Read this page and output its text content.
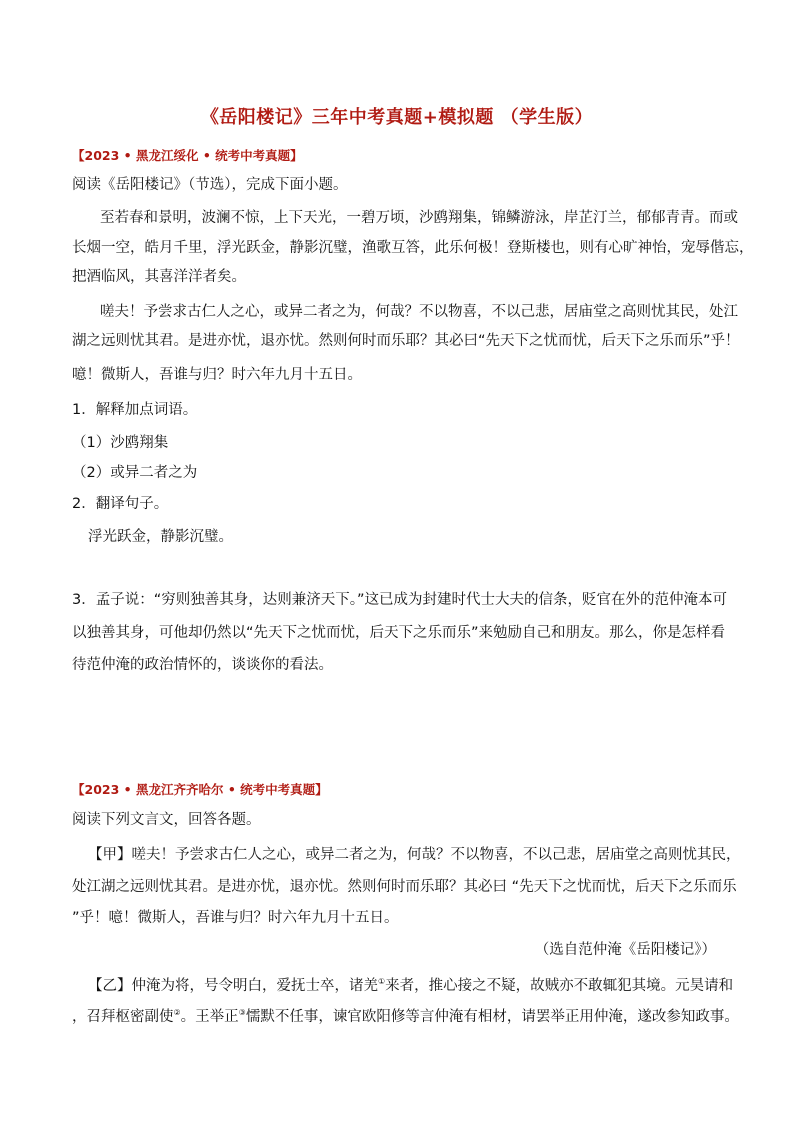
《岳阳楼记》三年中考真题+模拟题 （学生版）
【2023 • 黑龙江绥化 • 统考中考真题】
阅读《岳阳楼记》（节选），完成下面小题。
至若春和景明，波澜不惊，上下天光，一碧万顷，沙鸥翔集，锦鳞游泳，岸芷汀兰，郁郁青青。而或
长烟一空，皓月千里，浮光跃金，静影沉璧，渔歌互答，此乐何极！登斯楼也，则有心旷神怡，宠辱偕忘，
把酒临风，其喜洋洋者矣。
嗟夫！予尝求古仁人之心，或异二者之为，何哉？不以物喜，不以己悲，居庙堂之高则忧其民，处江
湖之远则忧其君。是进亦忧，退亦忧。然则何时而乐耶？其必曰“先天下之忧而忧，后天下之乐而乐”乎！
噫！微斯人，吾谁与归？时六年九月十五日。
1．解释加点词语。
（1）沙鸥翔集
（2）或异二者之为
2．翻译句子。
浮光跃金，静影沉璧。
3．孟子说：“穷则独善其身，达则兼济天下。”这已成为封建时代士大夫的信条，贬官在外的范仲淹本可
以独善其身，可他却仍然以“先天下之忧而忧，后天下之乐而乐”来勉励自己和朋友。那么，你是怎样看
待范仲淹的政治情怀的，谈谈你的看法。
【2023 • 黑龙江齐齐哈尔 • 统考中考真题】
阅读下列文言文，回答各题。
【甲】嗟夫！予尝求古仁人之心，或异二者之为，何哉？不以物喜，不以己悲，居庙堂之高则忧其民，
处江湖之远则忧其君。是进亦忧，退亦忧。然则何时而乐耶？其必曰 “先天下之忧而忧，后天下之乐而乐
”乎！噫！微斯人，吾谁与归？时六年九月十五日。
（选自范仲淹《岳阳楼记》）
【乙】仲淹为将，号令明白，爱抚士卒，诸羌①来者，推心接之不疑，故贼亦不敢辄犯其境。元昊请和
，召拜枢密副使②。王举正③懦默不任事，谏官欧阳修等言仲淹有相材，请罢举正用仲淹，遂改参知政事。
